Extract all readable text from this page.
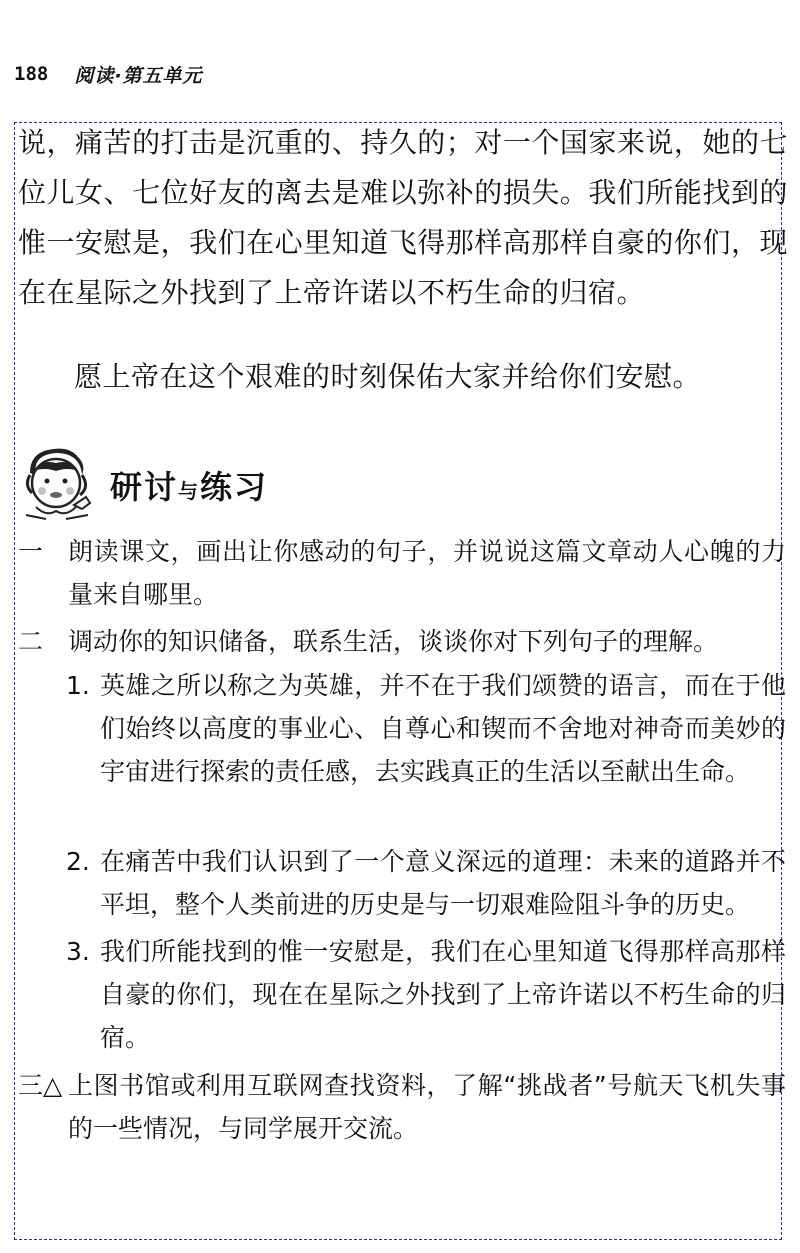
188 阅读·第五单元
说，痛苦的打击是沉重的、持久的；对一个国家来说，她的七位儿女、七位好友的离去是难以弥补的损失。我们所能找到的惟一安慰是，我们在心里知道飞得那样高那样自豪的你们，现在在星际之外找到了上帝许诺以不朽生命的归宿。
愿上帝在这个艰难的时刻保佑大家并给你们安慰。
研讨与练习
一 朗读课文，画出让你感动的句子，并说说这篇文章动人心魄的力量来自哪里。
二 调动你的知识储备，联系生活，谈谈你对下列句子的理解。
1. 英雄之所以称之为英雄，并不在于我们颂赞的语言，而在于他们始终以高度的事业心、自尊心和锲而不舍地对神奇而美妙的宇宙进行探索的责任感，去实践真正的生活以至献出生命。
2. 在痛苦中我们认识到了一个意义深远的道理：未来的道路并不平坦，整个人类前进的历史是与一切艰难险阻斗争的历史。
3. 我们所能找到的惟一安慰是，我们在心里知道飞得那样高那样自豪的你们，现在在星际之外找到了上帝许诺以不朽生命的归宿。
三△ 上图书馆或利用互联网查找资料，了解“挑战者”号航天飞机失事的一些情况，与同学展开交流。
